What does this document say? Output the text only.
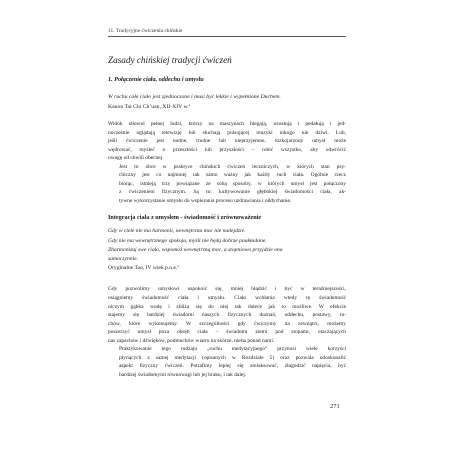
11. Tradycyjne ćwiczenia chińskie
Zasady chińskiej tradycji ćwiczeń
1. Połączenie ciała, oddechu i umysłu
W ruchu całe ciało jest zjednoczone i musi być lekkie i wypełnione Duchem.
Kanon Tai Chi Ch’uan, XII-XIV w.ª

Widok siłowni pełnej ludzi, którzy na maszynach biegają, wiosłują i pedałują i jed-
nocześnie oglądają telewizję lub słuchają pulsującej muzyki nikogo nie dziwi. Lub,
jeśli ćwiczenie jest nudne, trudne lub nieprzyjemne, rozkojarzony umysł może
wędrować, myśleć o przeszłości lub przyszłości – robić wszystko, aby odwrócić
uwagę od chwili obecnej.

Jest to obce w praktyce chińskich ćwiczeń leczniczych, w których stan psy-
chiczny jest co najmniej tak samo ważny jak każdy ruch ciała. Ogólnie rzecz
biorąc, istnieją trzy powiązane ze sobą sposoby, w których umysł jest połączony
z ćwiczeniem fizycznym. Są to: kultywowanie głębokiej świadomości ciała, ak-
tywne wykorzystanie umysłu do wspierania procesu uzdrawiania i oddychanie.

Integracja ciała z umysłem - świadomość i zrównoważenie
Gdy w ciele nie ma harmonii, wewnętrzna moc nie nadejdzie.
Gdy nie ma wewnętrznego spokoju, myśli nie będą dobrze poukładane.
Zharmonizuj swe ciało, wspomóż wewnętrzną moc, a stopniowo przyjdzie ona
samoczynnie.
Oryginalne Tao, IV wiek p.n.e.ª

Gdy pozwolimy umysłowi uspokoić się, mniej błądzić i być w teraźniejszości,
osiągniemy świadomość ciała i umysłu. Ciało wchłania wtedy tę świadomość
niczym gąbka wodę i zbliża się do niej tak dalece jak to możliwe. W efekcie
stajemy się bardziej świadomi naszych fizycznych doznań, oddechu, postawy, ru-
chów, które wykonujemy. W szczególności gdy ćwiczymy na zewnątrz, możemy
poszerzyć umysł poza obręb ciała – świadomi ziemi pod stopami, otaczających
nas zapachów i dźwięków, podmuchów wiatru na skórze, nieba ponad nami.

Praktykowanie tego rodzaju „ruchu medytacyjnego” przynosi wiele korzyści
płynących z samej medytacji (opisanych w Rozdziale 5) oraz pozwala udoskonalić
aspekt fizyczny ćwiczeń. Potrafimy lepiej się zrelaksować, złagodzić napięcia, być
bardziej świadomymi równowagi lub jej braku, i tak dalej.

271
